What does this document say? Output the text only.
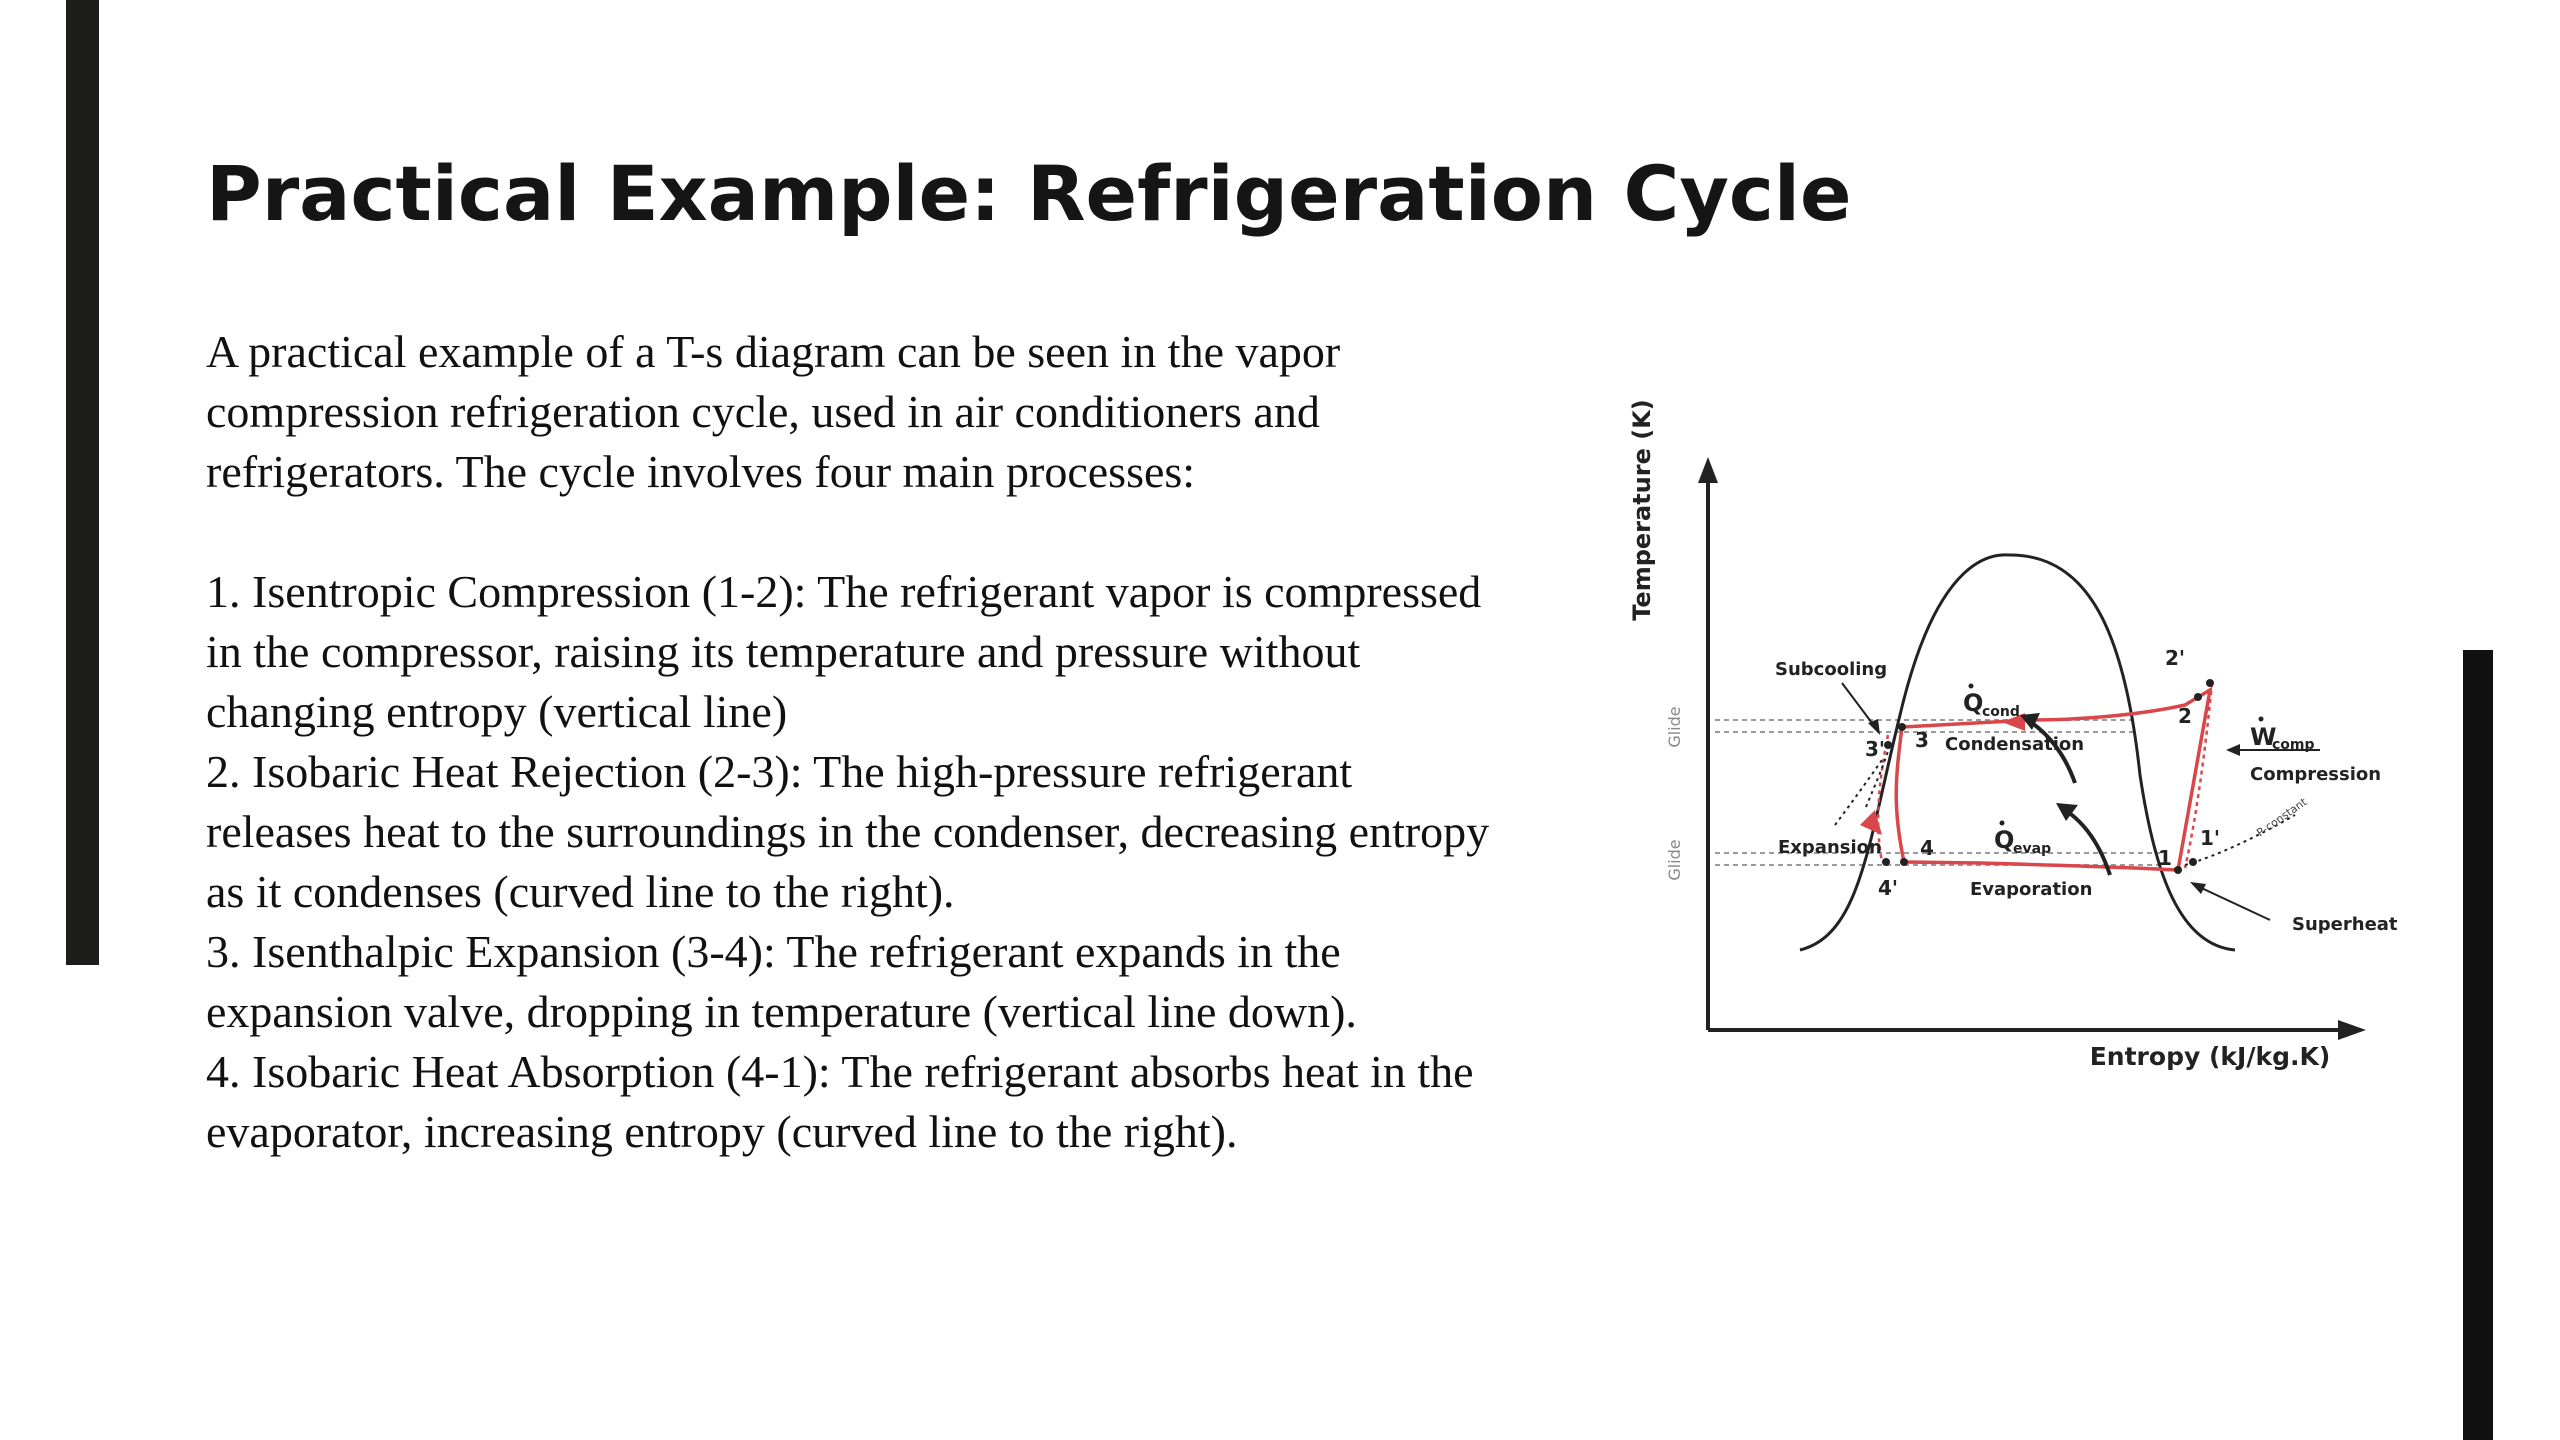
Practical Example: Refrigeration Cycle

A practical example of a T-s diagram can be seen in the vapor

compression refrigeration cycle, used in air conditioners and

refrigerators. The cycle involves four main processes:

1. Isentropic Compression (1-2): The refrigerant vapor is compressed

in the compressor, raising its temperature and pressure without

changing entropy (vertical line)

2. Isobaric Heat Rejection (2-3): The high-pressure refrigerant

releases heat to the surroundings in the condenser, decreasing entropy

as it condenses (curved line to the right).

3. Isenthalpic Expansion (3-4): The refrigerant expands in the

expansion valve, dropping in temperature (vertical line down).

4. Isobaric Heat Absorption (4-1): The refrigerant absorbs heat in the

evaporator, increasing entropy (curved line to the right).

Temperature (K)
Entropy (kJ/kg.K)
Glide
Glide
Subcooling
Expansion
Condensation
Evaporation
Compression
Superheat
P-constant
Q
cond
Q
evap
W
comp
3
3'
4
4'
1
1'
2
2'
